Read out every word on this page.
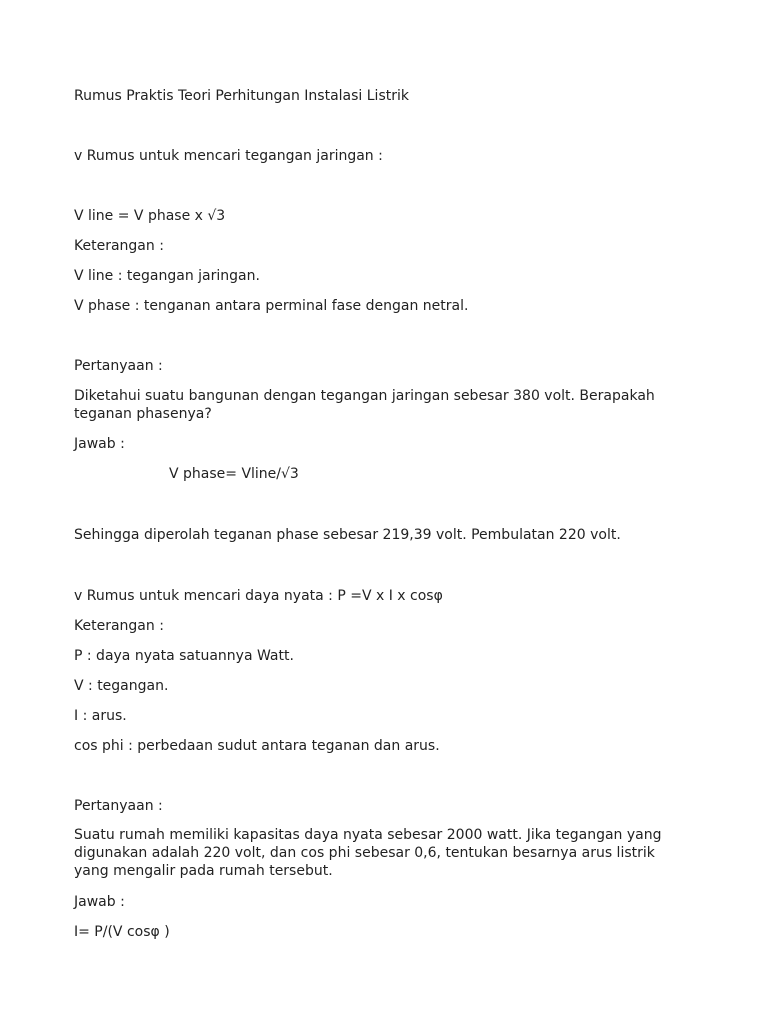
Rumus Praktis Teori Perhitungan Instalasi Listrik

v Rumus untuk mencari tegangan jaringan :

V line = V phase x √3

Keterangan :

V line : tegangan jaringan.

V phase : tenganan antara perminal fase dengan netral.

Pertanyaan :

Diketahui suatu bangunan dengan tegangan jaringan sebesar 380 volt. Berapakah
teganan phasenya?

Jawab :

V phase= Vline/√3

Sehingga diperolah teganan phase sebesar 219,39 volt. Pembulatan 220 volt.

v Rumus untuk mencari daya nyata : P =V x I x cosφ

Keterangan :

P : daya nyata satuannya Watt.

V : tegangan.

I : arus.

cos phi : perbedaan sudut antara teganan dan arus.

Pertanyaan :

Suatu rumah memiliki kapasitas daya nyata sebesar 2000 watt. Jika tegangan yang
digunakan adalah 220 volt, dan cos phi sebesar 0,6, tentukan besarnya arus listrik
yang mengalir pada rumah tersebut.

Jawab :

I= P/(V cosφ )
